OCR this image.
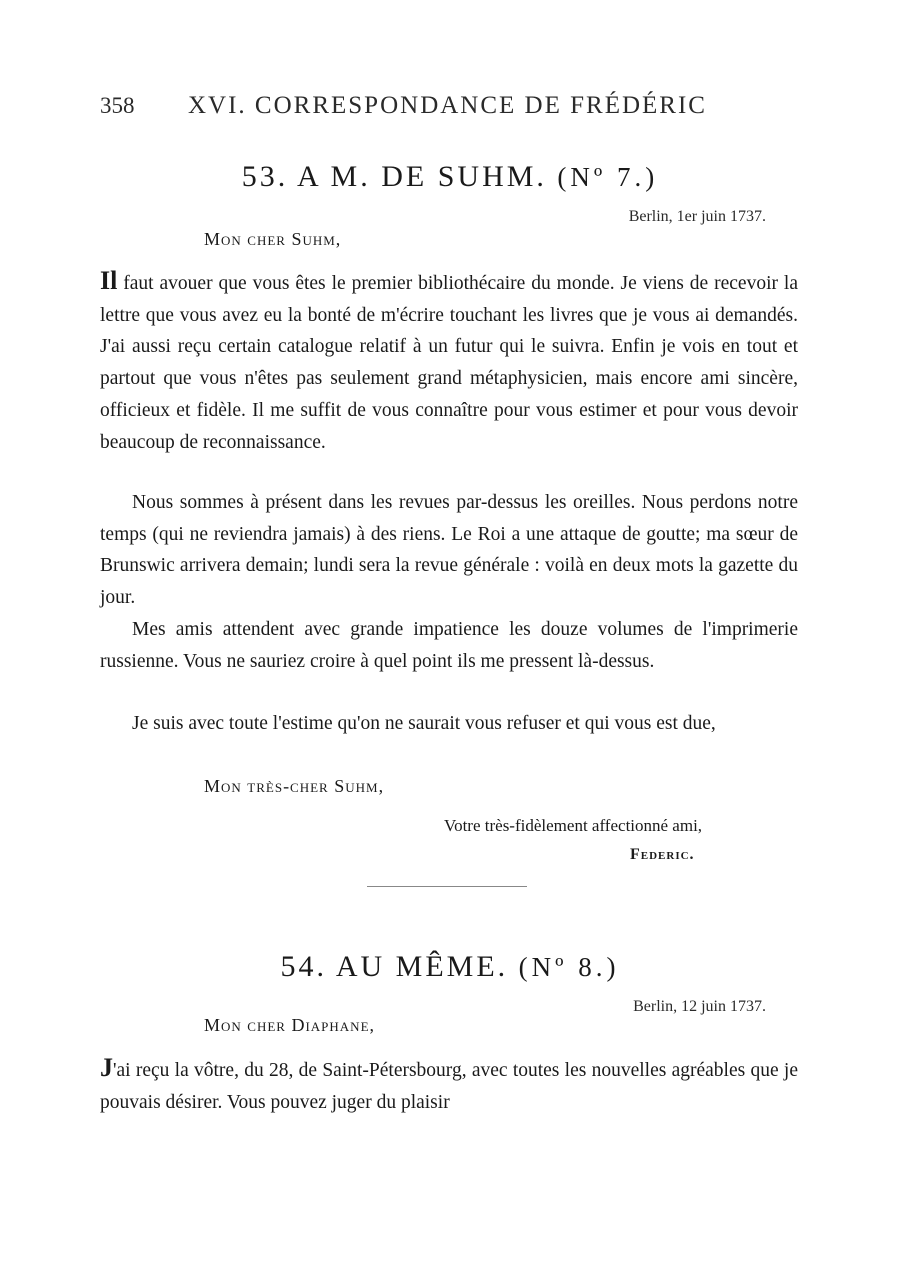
358 XVI. CORRESPONDANCE DE FRÉDÉRIC
53. A M. DE SUHM. (Nº 7.)
Berlin, 1er juin 1737.
Mon cher Suhm,

Il faut avouer que vous êtes le premier bibliothécaire du monde. Je viens de recevoir la lettre que vous avez eu la bonté de m'écrire touchant les livres que je vous ai demandés. J'ai aussi reçu certain catalogue relatif à un futur qui le suivra. Enfin je vois en tout et partout que vous n'êtes pas seulement grand métaphysicien, mais encore ami sincère, officieux et fidèle. Il me suffit de vous connaître pour vous estimer et pour vous devoir beaucoup de reconnaissance.

Nous sommes à présent dans les revues par-dessus les oreilles. Nous perdons notre temps (qui ne reviendra jamais) à des riens. Le Roi a une attaque de goutte; ma sœur de Brunswic arrivera demain; lundi sera la revue générale : voilà en deux mots la gazette du jour.

Mes amis attendent avec grande impatience les douze volumes de l'imprimerie russienne. Vous ne sauriez croire à quel point ils me pressent là-dessus.

Je suis avec toute l'estime qu'on ne saurait vous refuser et qui vous est due,

Mon très-cher Suhm,
Votre très-fidèlement affectionné ami,
Federic.
54. AU MÊME. (Nº 8.)
Berlin, 12 juin 1737.
Mon cher Diaphane,

J'ai reçu la vôtre, du 28, de Saint-Pétersbourg, avec toutes les nouvelles agréables que je pouvais désirer. Vous pouvez juger du plaisir
